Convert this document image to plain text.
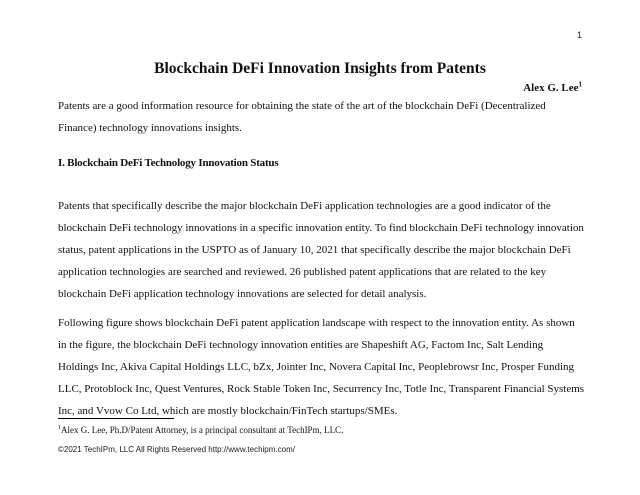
1
Blockchain DeFi Innovation Insights from Patents
Alex G. Lee$^1$

Patents are a good information resource for obtaining the state of the art of the blockchain DeFi (Decentralized Finance) technology innovations insights.

I. Blockchain DeFi Technology Innovation Status

Patents that specifically describe the major blockchain DeFi application technologies are a good indicator of the blockchain DeFi technology innovations in a specific innovation entity. To find blockchain DeFi technology innovation status, patent applications in the USPTO as of January 10, 2021 that specifically describe the major blockchain DeFi application technologies are searched and reviewed. 26 published patent applications that are related to the key blockchain DeFi application technology innovations are selected for detail analysis.

Following figure shows blockchain DeFi patent application landscape with respect to the innovation entity. As shown in the figure, the blockchain DeFi technology innovation entities are Shapeshift AG, Factom Inc, Salt Lending Holdings Inc, Akiva Capital Holdings LLC, bZx, Jointer Inc, Novera Capital Inc, Peoplebrowsr Inc, Prosper Funding LLC, Protoblock Inc, Quest Ventures, Rock Stable Token Inc, Securrency Inc, Totle Inc, Transparent Financial Systems Inc, and Vvow Co Ltd, which are mostly blockchain/FinTech startups/SMEs.

$^1$Alex G. Lee, Ph.D/Patent Attorney, is a principal consultant at TechIPm, LLC.
©2021 TechIPm, LLC All Rights Reserved http://www.techipm.com/
